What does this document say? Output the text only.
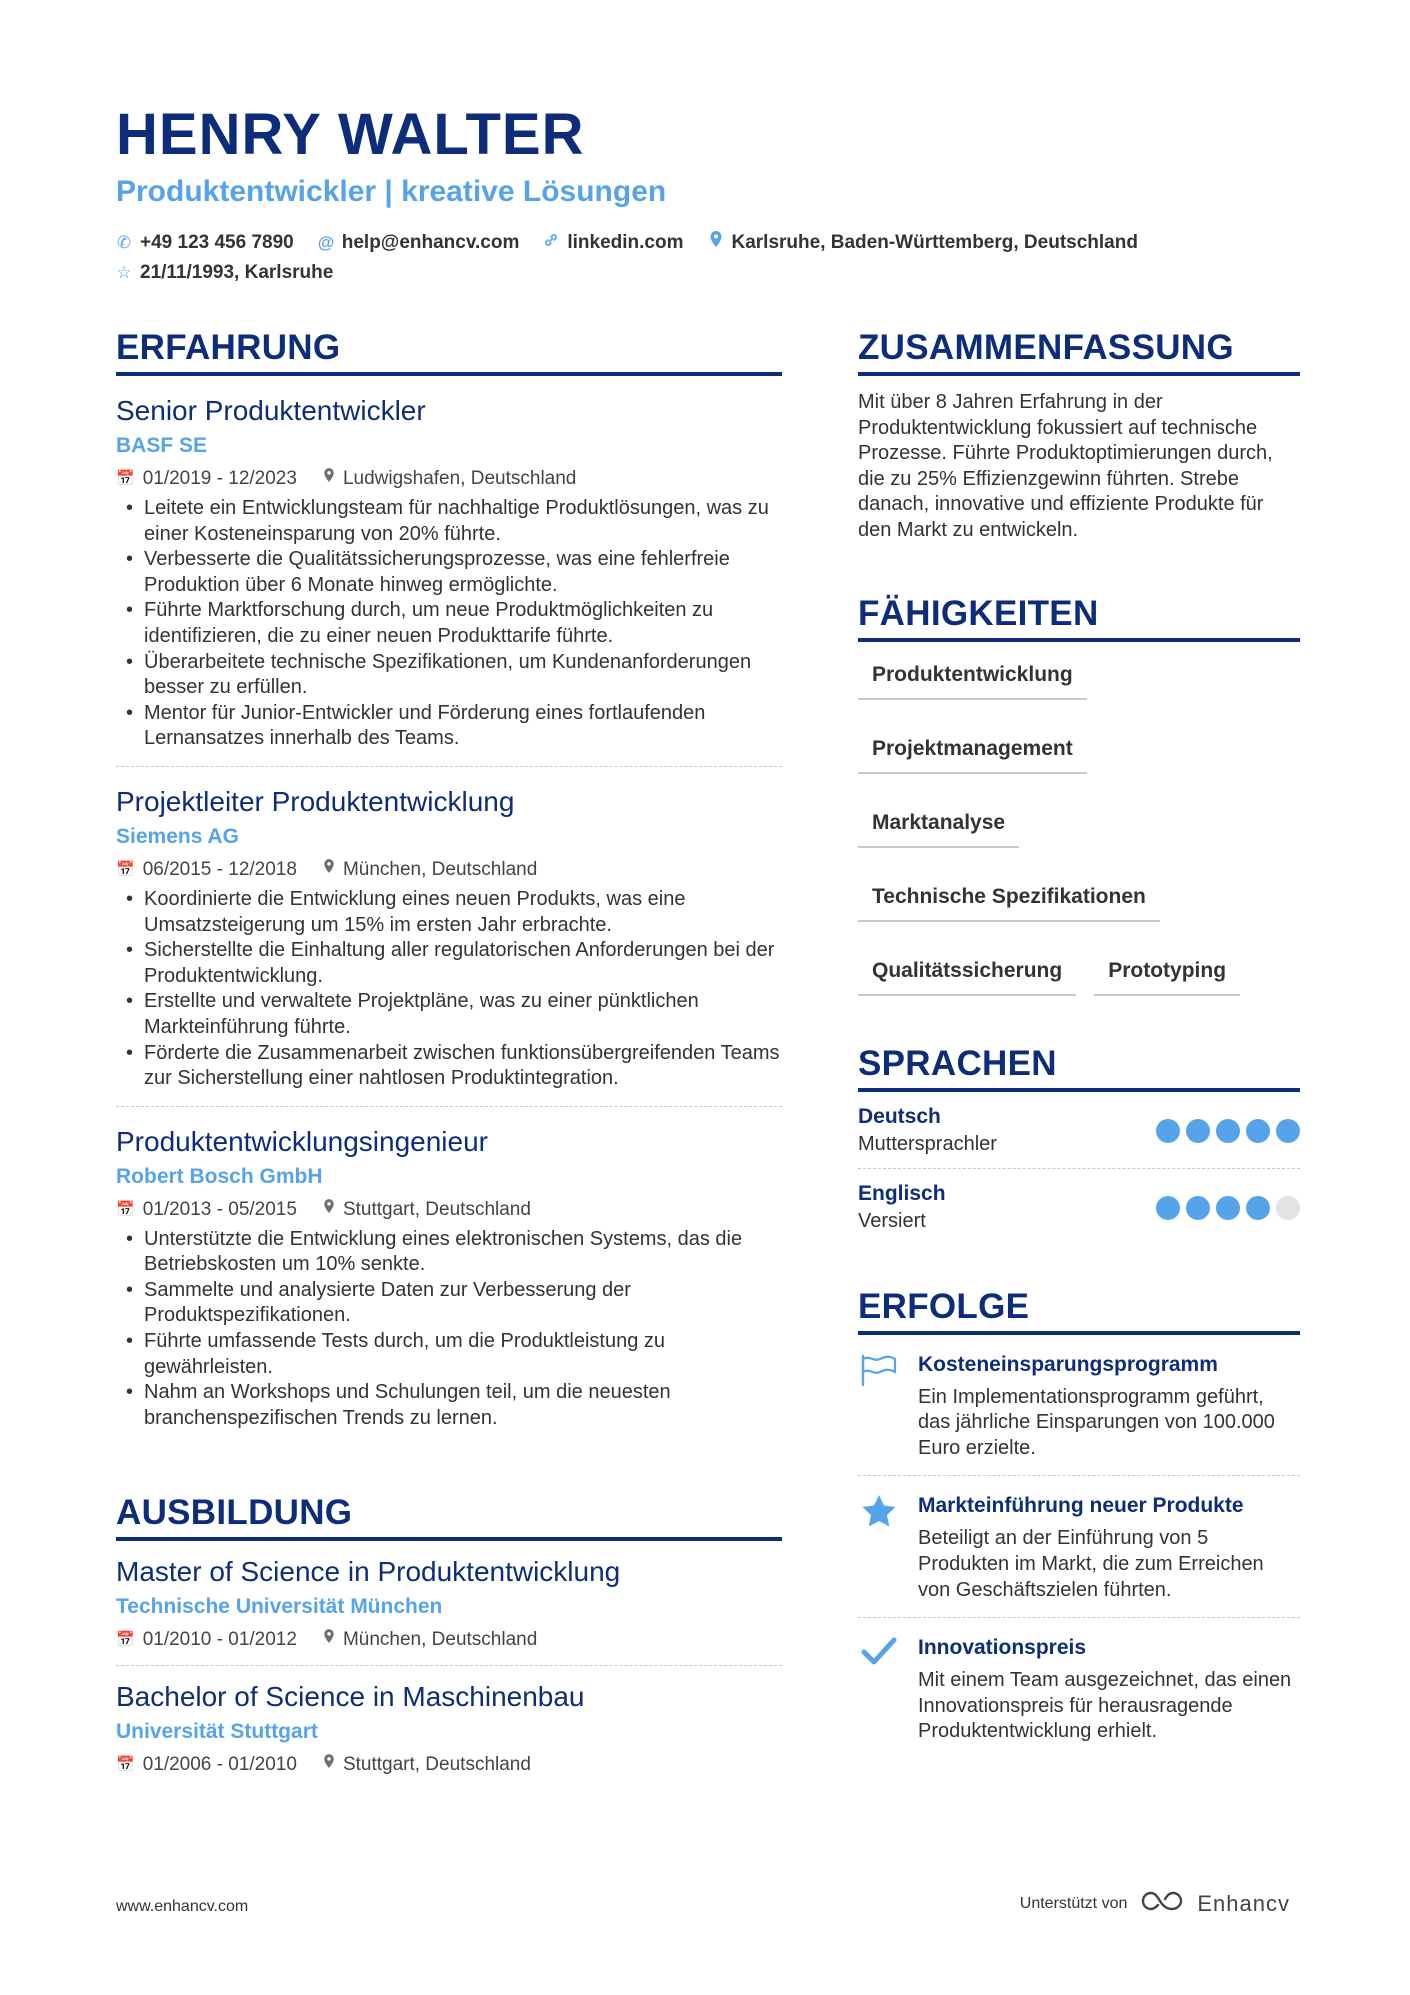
HENRY WALTER
Produktentwickler | kreative Lösungen
✆ +49 123 456 7890 @ help@enhancv.com	linkedin.com	Karlsruhe, Baden-Württemberg, Deutschland
☆ 21/11/1993, Karlsruhe
ERFAHRUNG
Senior Produktentwickler
BASF SE
📅 01/2019 - 12/2023 Ludwigshafen, Deutschland
• Leitete ein Entwicklungsteam für nachhaltige Produktlösungen, was zu einer Kosteneinsparung von 20% führte.
• Verbesserte die Qualitätssicherungsprozesse, was eine fehlerfreie Produktion über 6 Monate hinweg ermöglichte.
• Führte Marktforschung durch, um neue Produktmöglichkeiten zu identifizieren, die zu einer neuen Produkttarife führte.
• Überarbeitete technische Spezifikationen, um Kundenanforderungen besser zu erfüllen.
• Mentor für Junior-Entwickler und Förderung eines fortlaufenden Lernansatzes innerhalb des Teams.
Projektleiter Produktentwicklung
Siemens AG
📅 06/2015 - 12/2018 München, Deutschland
• Koordinierte die Entwicklung eines neuen Produkts, was eine Umsatzsteigerung um 15% im ersten Jahr erbrachte.
• Sicherstellte die Einhaltung aller regulatorischen Anforderungen bei der Produktentwicklung.
• Erstellte und verwaltete Projektpläne, was zu einer pünktlichen Markteinführung führte.
• Förderte die Zusammenarbeit zwischen funktionsübergreifenden Teams zur Sicherstellung einer nahtlosen Produktintegration.
Produktentwicklungsingenieur
Robert Bosch GmbH
📅 01/2013 - 05/2015 Stuttgart, Deutschland
• Unterstützte die Entwicklung eines elektronischen Systems, das die Betriebskosten um 10% senkte.
• Sammelte und analysierte Daten zur Verbesserung der Produktspezifikationen.
• Führte umfassende Tests durch, um die Produktleistung zu gewährleisten.
• Nahm an Workshops und Schulungen teil, um die neuesten branchenspezifischen Trends zu lernen.
AUSBILDUNG
Master of Science in Produktentwicklung
Technische Universität München
📅 01/2010 - 01/2012 München, Deutschland
Bachelor of Science in Maschinenbau
Universität Stuttgart
📅 01/2006 - 01/2010 Stuttgart, Deutschland
ZUSAMMENFASSUNG
Mit über 8 Jahren Erfahrung in der Produktentwicklung fokussiert auf technische Prozesse. Führte Produktoptimierungen durch, die zu 25% Effizienzgewinn führten. Strebe danach, innovative und effiziente Produkte für den Markt zu entwickeln.
FÄHIGKEITEN
Produktentwicklung
Projektmanagement
Marktanalyse
Technische Spezifikationen
Qualitätssicherung	Prototyping
SPRACHEN
Deutsch
Muttersprachler
Englisch
Versiert
ERFOLGE
Kosteneinsparungsprogramm
Ein Implementationsprogramm geführt, das jährliche Einsparungen von 100.000 Euro erzielte.
Markteinführung neuer Produkte
Beteiligt an der Einführung von 5 Produkten im Markt, die zum Erreichen von Geschäftszielen führten.
Innovationspreis
Mit einem Team ausgezeichnet, das einen Innovationspreis für herausragende Produktentwicklung erhielt.
www.enhancv.com	Unterstützt von	Enhancv
